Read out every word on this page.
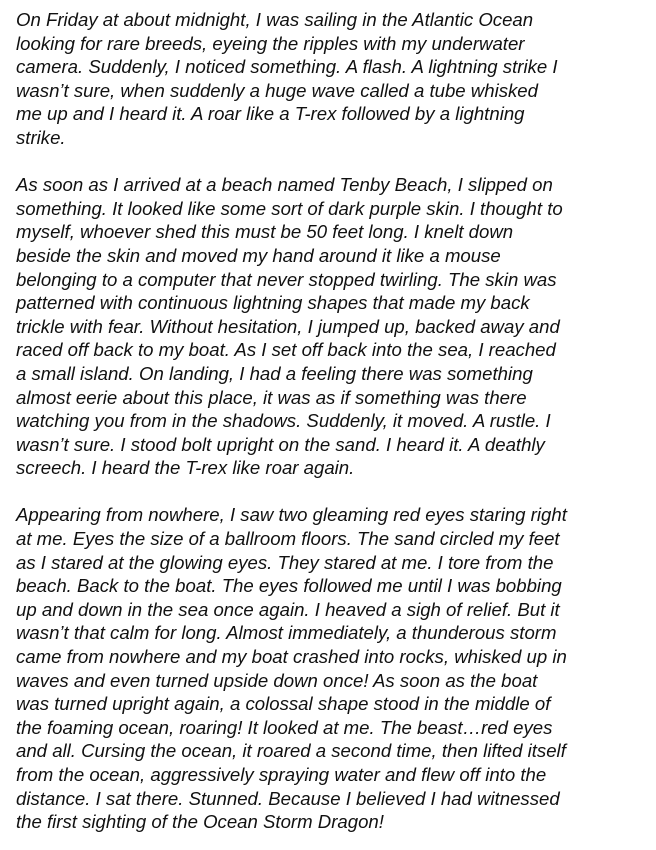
On Friday at about midnight, I was sailing in the Atlantic Ocean
looking for rare breeds, eyeing the ripples with my underwater
camera. Suddenly, I noticed something. A flash. A lightning strike I
wasn’t sure, when suddenly a huge wave called a tube whisked
me up and I heard it. A roar like a T-rex followed by a lightning
strike.
As soon as I arrived at a beach named Tenby Beach, I slipped on
something. It looked like some sort of dark purple skin. I thought to
myself, whoever shed this must be 50 feet long. I knelt down
beside the skin and moved my hand around it like a mouse
belonging to a computer that never stopped twirling. The skin was
patterned with continuous lightning shapes that made my back
trickle with fear. Without hesitation, I jumped up, backed away and
raced off back to my boat. As I set off back into the sea, I reached
a small island. On landing, I had a feeling there was something
almost eerie about this place, it was as if something was there
watching you from in the shadows. Suddenly, it moved. A rustle. I
wasn’t sure. I stood bolt upright on the sand. I heard it. A deathly
screech. I heard the T-rex like roar again.
Appearing from nowhere, I saw two gleaming red eyes staring right
at me. Eyes the size of a ballroom floors. The sand circled my feet
as I stared at the glowing eyes. They stared at me. I tore from the
beach. Back to the boat. The eyes followed me until I was bobbing
up and down in the sea once again. I heaved a sigh of relief. But it
wasn’t that calm for long. Almost immediately, a thunderous storm
came from nowhere and my boat crashed into rocks, whisked up in
waves and even turned upside down once! As soon as the boat
was turned upright again, a colossal shape stood in the middle of
the foaming ocean, roaring! It looked at me. The beast…red eyes
and all. Cursing the ocean, it roared a second time, then lifted itself
from the ocean, aggressively spraying water and flew off into the
distance. I sat there. Stunned. Because I believed I had witnessed
the first sighting of the Ocean Storm Dragon!
